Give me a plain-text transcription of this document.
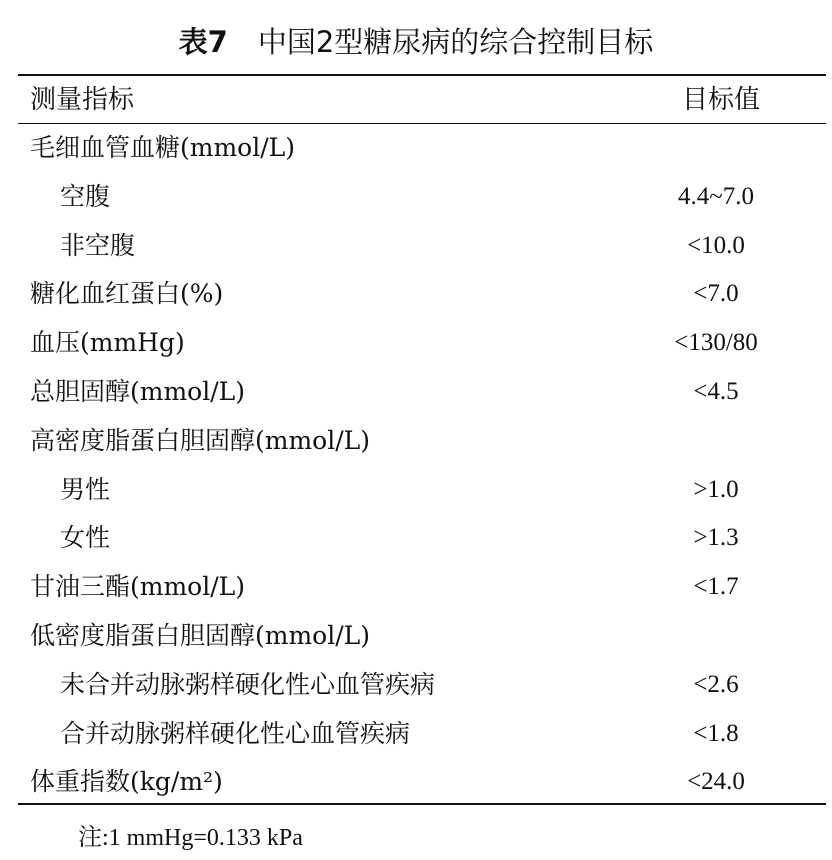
表7 中国2型糖尿病的综合控制目标
测量指标	目标值
毛细血管血糖(mmol/L)
空腹	4.4~7.0
非空腹	<10.0
糖化血红蛋白(%)	<7.0
血压(mmHg)	<130/80
总胆固醇(mmol/L)	<4.5
高密度脂蛋白胆固醇(mmol/L)
男性	>1.0
女性	>1.3
甘油三酯(mmol/L)	<1.7
低密度脂蛋白胆固醇(mmol/L)
未合并动脉粥样硬化性心血管疾病	<2.6
合并动脉粥样硬化性心血管疾病	<1.8
体重指数(kg/m²)	<24.0
注:1 mmHg=0.133 kPa
